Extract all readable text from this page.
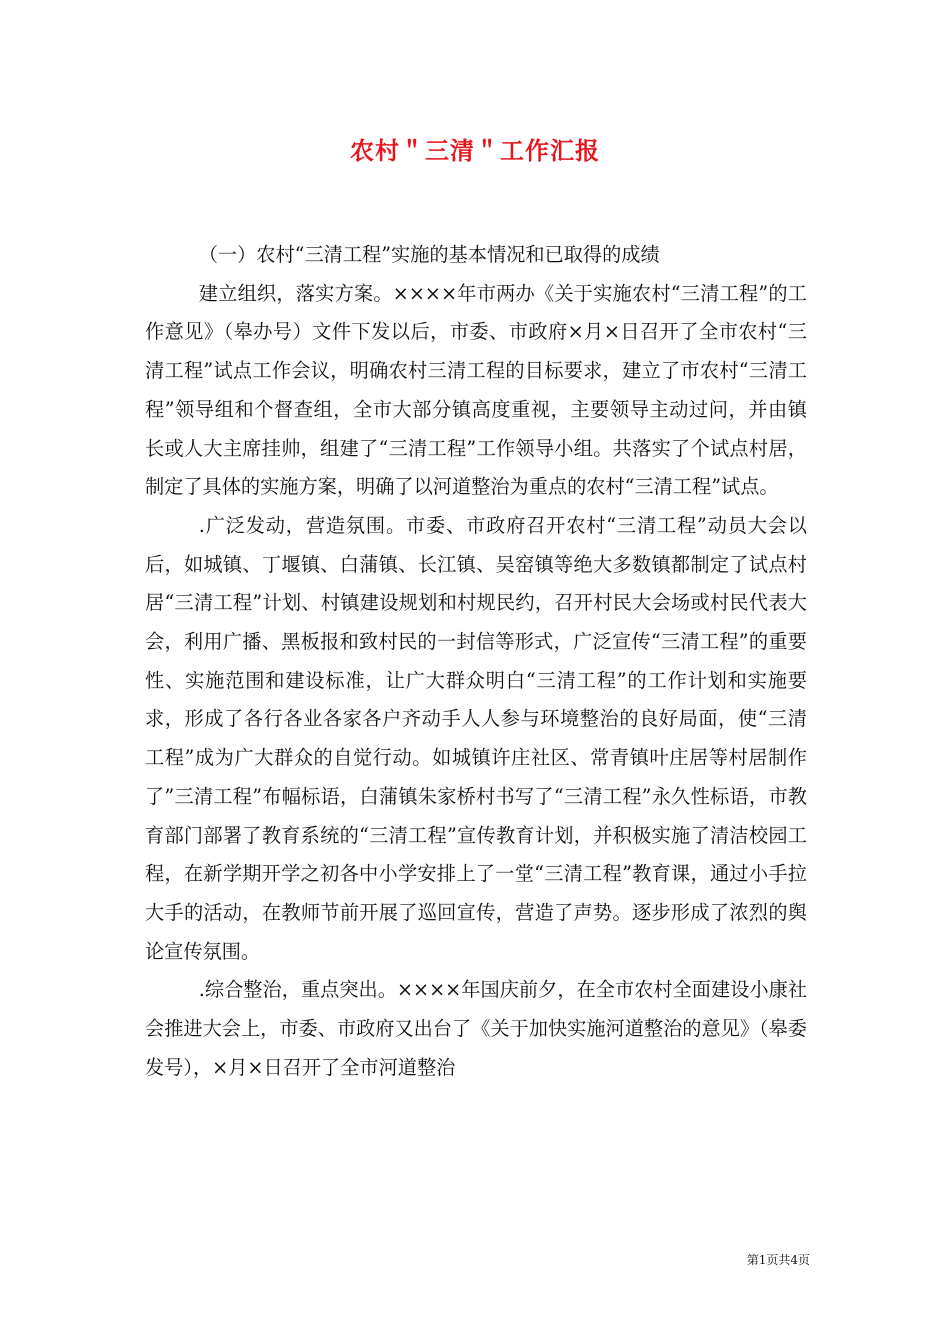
农村＂三清＂工作汇报

（一）农村“三清工程”实施的基本情况和已取得的成绩

建立组织，落实方案。××××年市两办《关于实施农村“三清工程”的工作意见》（皋办号）文件下发以后，市委、市政府×月×日召开了全市农村“三清工程”试点工作会议，明确农村三清工程的目标要求，建立了市农村“三清工程”领导组和个督查组，全市大部分镇高度重视，主要领导主动过问，并由镇长或人大主席挂帅，组建了“三清工程”工作领导小组。共落实了个试点村居，制定了具体的实施方案，明确了以河道整治为重点的农村“三清工程”试点。

.广泛发动，营造氛围。市委、市政府召开农村“三清工程”动员大会以后，如城镇、丁堰镇、白蒲镇、长江镇、吴窑镇等绝大多数镇都制定了试点村居“三清工程”计划、村镇建设规划和村规民约，召开村民大会场或村民代表大会，利用广播、黑板报和致村民的一封信等形式，广泛宣传“三清工程”的重要性、实施范围和建设标准，让广大群众明白“三清工程”的工作计划和实施要求，形成了各行各业各家各户齐动手人人参与环境整治的良好局面，使“三清工程”成为广大群众的自觉行动。如城镇许庄社区、常青镇叶庄居等村居制作了”三清工程”布幅标语，白蒲镇朱家桥村书写了“三清工程”永久性标语，市教育部门部署了教育系统的“三清工程”宣传教育计划，并积极实施了清洁校园工程，在新学期开学之初各中小学安排上了一堂“三清工程”教育课，通过小手拉大手的活动，在教师节前开展了巡回宣传，营造了声势。逐步形成了浓烈的舆论宣传氛围。

.综合整治，重点突出。××××年国庆前夕，在全市农村全面建设小康社会推进大会上，市委、市政府又出台了《关于加快实施河道整治的意见》（皋委发号），×月×日召开了全市河道整治

第1页共4页
